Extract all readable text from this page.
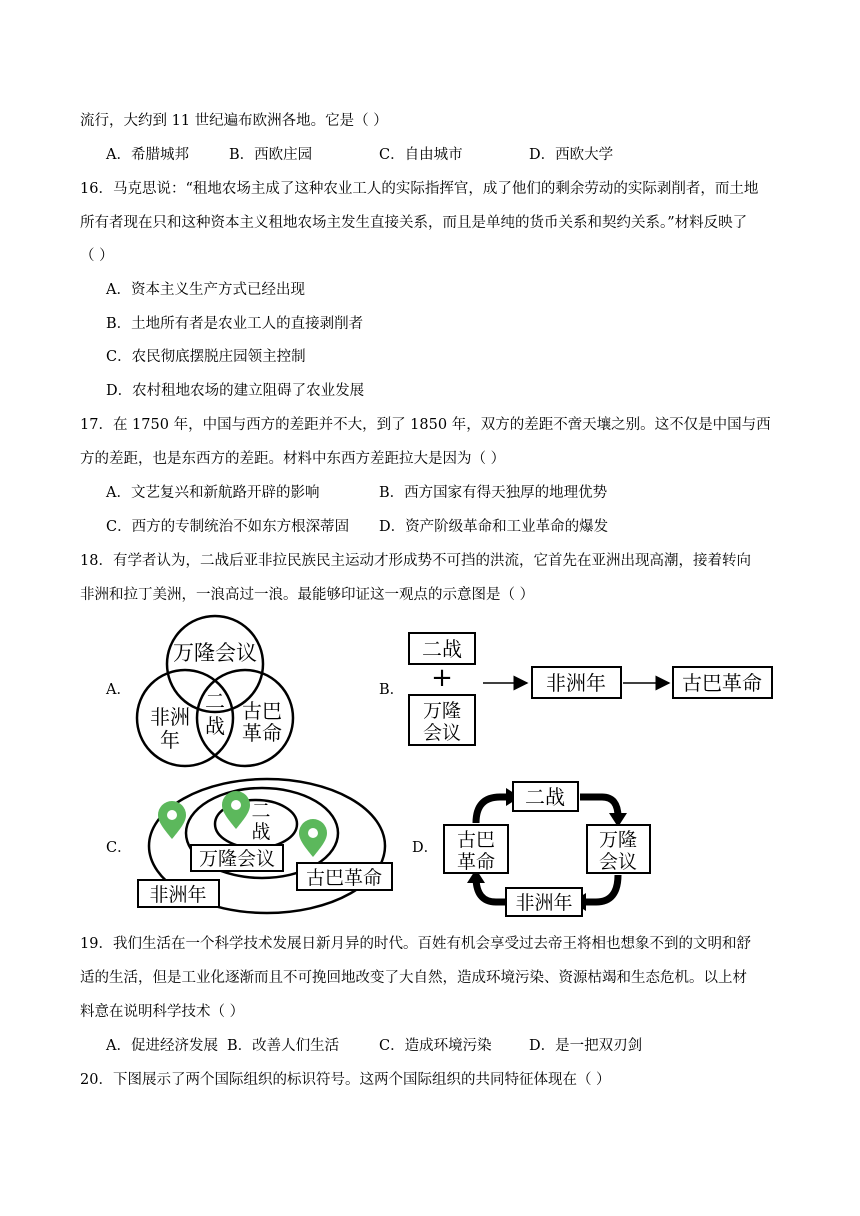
流行，大约到 11 世纪遍布欧洲各地。它是（ ）
A．希腊城邦	B．西欧庄园	C．自由城市	D．西欧大学
16．马克思说：“租地农场主成了这种农业工人的实际指挥官，成了他们的剩余劳动的实际剥削者，而土地
所有者现在只和这种资本主义租地农场主发生直接关系，而且是单纯的货币关系和契约关系。”材料反映了
（ ）
A．资本主义生产方式已经出现
B．土地所有者是农业工人的直接剥削者
C．农民彻底摆脱庄园领主控制
D．农村租地农场的建立阻碍了农业发展
17．在 1750 年，中国与西方的差距并不大，到了 1850 年，双方的差距不啻天壤之别。这不仅是中国与西
方的差距，也是东西方的差距。材料中东西方差距拉大是因为（ ）
A．文艺复兴和新航路开辟的影响	B．西方国家有得天独厚的地理优势
C．西方的专制统治不如东方根深蒂固 D．资产阶级革命和工业革命的爆发
18．有学者认为，二战后亚非拉民族民主运动才形成势不可挡的洪流，它首先在亚洲出现高潮，接着转向
非洲和拉丁美洲，一浪高过一浪。最能够印证这一观点的示意图是（ ）
A．
万隆会议
二
战
非洲
年
古巴
革命
B．
二战
+
万隆
会议
非洲年	古巴革命
C．
二
战
万隆会议
非洲年
古巴革命
D．
二战
万隆
会议
非洲年
古巴
革命
19．我们生活在一个科学技术发展日新月异的时代。百姓有机会享受过去帝王将相也想象不到的文明和舒
适的生活，但是工业化逐渐而且不可挽回地改变了大自然，造成环境污染、资源枯竭和生态危机。以上材
料意在说明科学技术（ ）
A．促进经济发展 B．改善人们生活	C．造成环境污染	D．是一把双刃剑
20．下图展示了两个国际组织的标识符号。这两个国际组织的共同特征体现在（ ）
